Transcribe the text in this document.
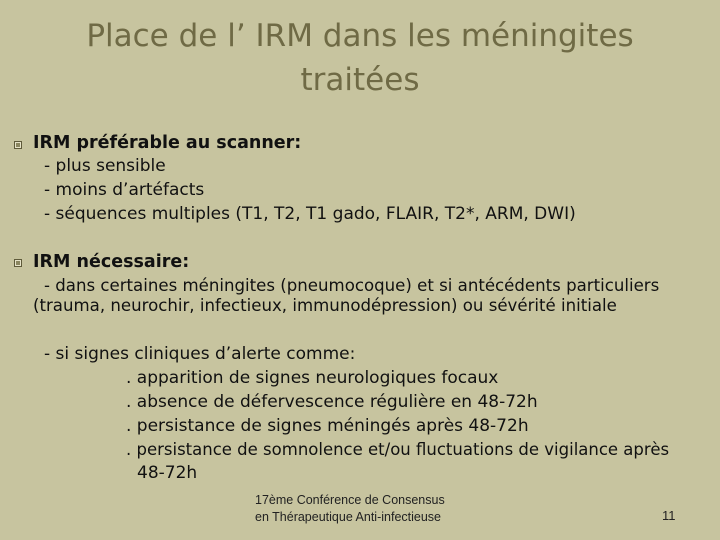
Place de l’ IRM dans les méningites
traitées
IRM préférable au scanner:
- plus sensible
- moins d’artéfacts
- séquences multiples (T1, T2, T1 gado, FLAIR, T2*, ARM, DWI)
IRM nécessaire:
- dans certaines méningites (pneumocoque) et si antécédents particuliers
(trauma, neurochir, infectieux, immunodépression) ou sévérité initiale
- si signes cliniques d’alerte comme:
. apparition de signes neurologiques focaux
. absence de défervescence régulière en 48-72h
. persistance de signes méningés après 48-72h
. persistance de somnolence et/ou fluctuations de vigilance après
48-72h
17ème Conférence de Consensus
en Thérapeutique Anti-infectieuse	11
